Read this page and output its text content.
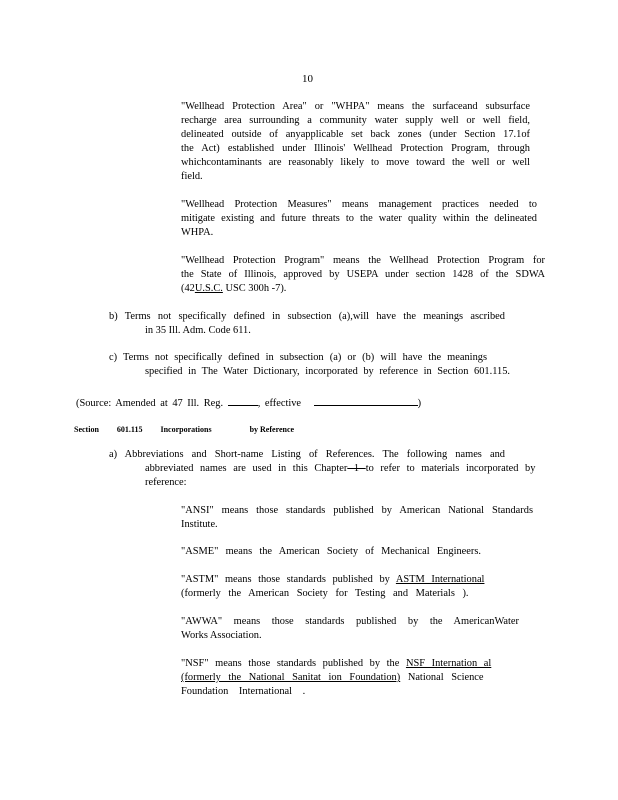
10
"Wellhead Protection Area" or "WHPA" means the surfaceand subsurface
recharge area surrounding a community water supply well or well field,
delineated outside of anyapplicable set back zones (under Section 17.1of
the Act) established under Illinois' Wellhead Protection Program, through
whichcontaminants are reasonably likely to move toward the well or well
field.
"Wellhead Protection Measures" means management practices needed to
mitigate existing and future threats to the water quality within the delineated
WHPA.
"Wellhead Protection Program" means the Wellhead Protection Program for
the State of Illinois, approved by USEPA under section 1428 of the SDWA
(42U.S.C. USC 300h -7).
b) Terms not specifically defined in subsection (a),will have the meanings ascribed
in 35 Ill. Adm. Code 611.
c) Terms not specifically defined in subsection (a) or (b) will have the meanings
specified in The Water Dictionary, incorporated by reference in Section 601.115.
(Source: Amended at 47 Ill. Reg.	, effective	)
Section 601.115 Incorporations	by Reference
a) Abbreviations and Short-name Listing of References. The following names and
abbreviated names are used in this Chapter 1 to refer to materials incorporated by
reference:
"ANSI" means those standards published by American National Standards
Institute.
"ASME" means the American Society of Mechanical Engineers.
"ASTM" means those standards published by ASTM International
(formerly the American Society for Testing and Materials ).
"AWWA" means those standards published by the AmericanWater
Works Association.
"NSF" means those standards published by the NSF Internation al
(formerly the National Sanitat ion Foundation) National Science
Foundation International .
